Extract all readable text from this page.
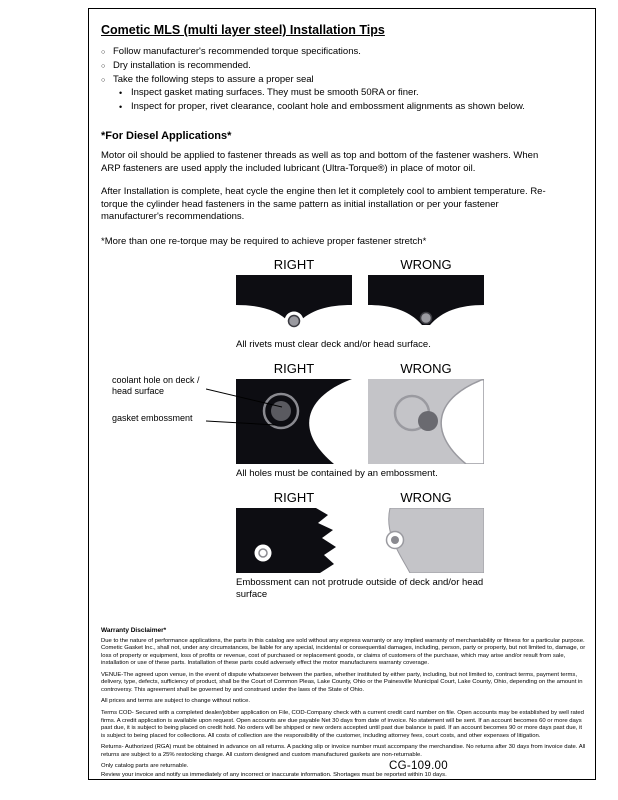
Cometic MLS (multi layer steel) Installation Tips
○ Follow manufacturer's recommended torque specifications.
○ Dry installation is recommended.
○ Take the following steps to assure a proper seal
• Inspect gasket mating surfaces. They must be smooth 50RA or finer.
• Inspect for proper, rivet clearance, coolant hole and embossment alignments as shown below.
*For Diesel Applications*

Motor oil should be applied to fastener threads as well as top and bottom of the fastener washers. When ARP fasteners are used apply the included lubricant (Ultra-Torque®) in place of motor oil.

After Installation is complete, heat cycle the engine then let it completely cool to ambient temperature. Re-torque the cylinder head fasteners in the same pattern as initial installation or per your fastener manufacturer's recommendations.

*More than one re-torque may be required to achieve proper fastener stretch*
RIGHT	WRONG
All rivets must clear deck and/or head surface.
coolant hole on deck / head surface
gasket embossment
RIGHT	WRONG
All holes must be contained by an embossment.
RIGHT	WRONG
Embossment can not protrude outside of deck and/or head surface
Warranty Disclaimer*

Due to the nature of performance applications, the parts in this catalog are sold without any express warranty or any implied warranty of merchantability or fitness for a particular purpose. Cometic Gasket Inc., shall not, under any circumstances, be liable for any special, incidental or consequential damages, including, person, party or property, but not limited to, damage, or loss of property or equipment, loss of profits or revenue, cost of purchased or replacement goods, or claims of customers of the purchase, which may arise and/or result from sale, installation or use of these parts. Installation of these parts could adversely effect the motor manufacturers warranty coverage.

VENUE-The agreed upon venue, in the event of dispute whatsoever between the parties, whether instituted by either party, including, but not limited to, contract terms, payment terms, delivery, type, defects, sufficiency of product, shall be the Court of Common Pleas, Lake County, Ohio or the Painesville Municipal Court, Lake County, Ohio, depending on the amount in controversy. This agreement shall be governed by and construed under the laws of the State of Ohio.

All prices and terms are subject to change without notice.

Terms COD- Secured with a completed dealer/jobber application on File, COD-Company check with a current credit card number on file. Open accounts may be established by well rated firms. A credit application is available upon request. Open accounts are due payable Net 30 days from date of invoice. No statement will be sent. If an account becomes 60 or more days past due, it is subject to being placed on credit hold. No orders will be shipped or new orders accepted until past due balance is paid. If an account becomes 90 or more days past due, it is subject to being placed for collections. All costs of collection are the responsibility of the customer, including attorney fees, court costs, and other expenses of litigation.

Returns- Authorized (RGA) must be obtained in advance on all returns. A packing slip or invoice number must accompany the merchandise. No returns after 30 days from invoice date. All returns are subject to a 25% restocking charge. All custom designed and custom manufactured gaskets are non-returnable.

Only catalog parts are returnable.

Review your invoice and notify us immediately of any incorrect or inaccurate information. Shortages must be reported within 10 days.

CG-109.00
